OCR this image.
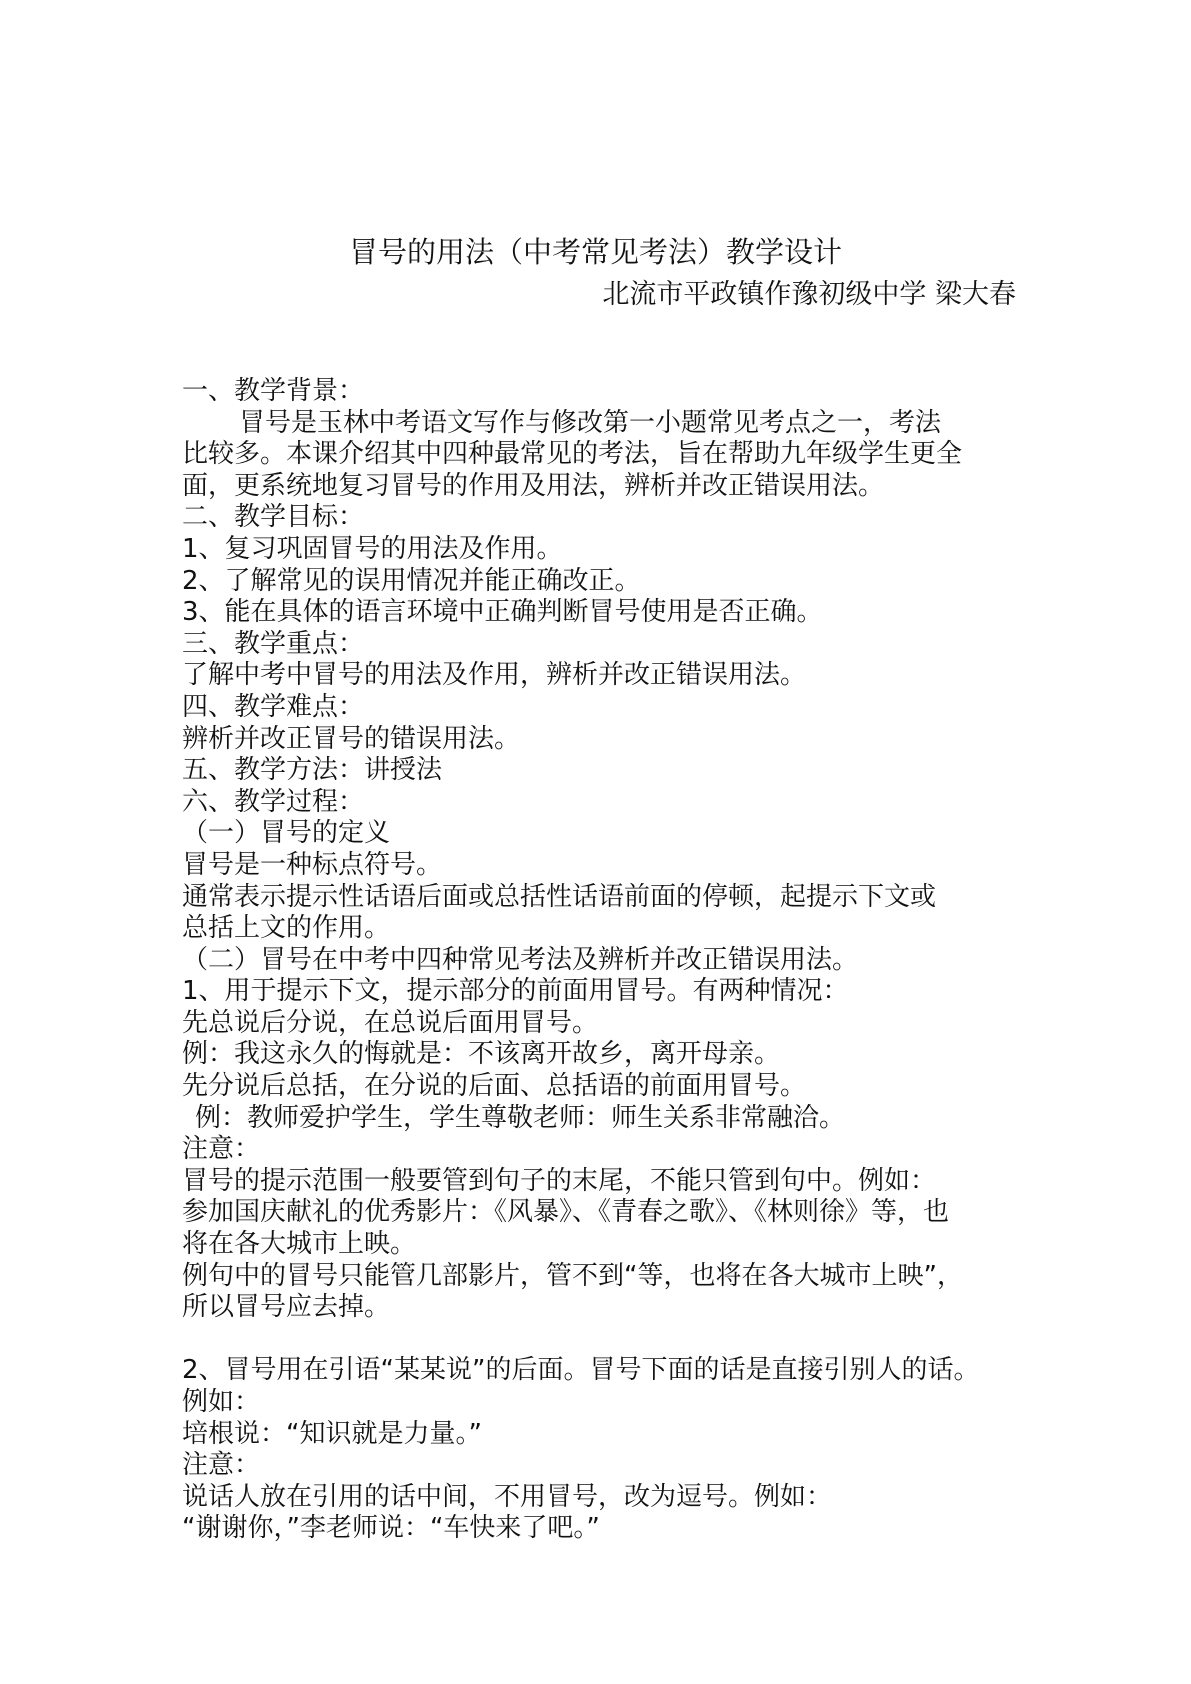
冒号的用法（中考常见考法）教学设计
北流市平政镇作豫初级中学 梁大春
一、教学背景：
冒号是玉林中考语文写作与修改第一小题常见考点之一，考法
比较多。本课介绍其中四种最常见的考法，旨在帮助九年级学生更全
面，更系统地复习冒号的作用及用法，辨析并改正错误用法。
二、教学目标：
1、复习巩固冒号的用法及作用。
2、了解常见的误用情况并能正确改正。
3、能在具体的语言环境中正确判断冒号使用是否正确。
三、教学重点：
了解中考中冒号的用法及作用，辨析并改正错误用法。
四、教学难点：
辨析并改正冒号的错误用法。
五、教学方法：讲授法
六、教学过程：
（一）冒号的定义
冒号是一种标点符号。
通常表示提示性话语后面或总括性话语前面的停顿，起提示下文或
总括上文的作用。
（二）冒号在中考中四种常见考法及辨析并改正错误用法。
1、用于提示下文，提示部分的前面用冒号。有两种情况：
先总说后分说，在总说后面用冒号。
例：我这永久的悔就是：不该离开故乡，离开母亲。
先分说后总括，在分说的后面、总括语的前面用冒号。
例：教师爱护学生，学生尊敬老师：师生关系非常融洽。
注意：
冒号的提示范围一般要管到句子的末尾，不能只管到句中。例如：
参加国庆献礼的优秀影片：《风暴》、《青春之歌》、《林则徐》等，也
将在各大城市上映。
例句中的冒号只能管几部影片，管不到“等，也将在各大城市上映”，
所以冒号应去掉。
2、冒号用在引语“某某说”的后面。冒号下面的话是直接引别人的话。
例如：
培根说：“知识就是力量。”
注意：
说话人放在引用的话中间，不用冒号，改为逗号。例如：
“谢谢你，”李老师说：“车快来了吧。”
